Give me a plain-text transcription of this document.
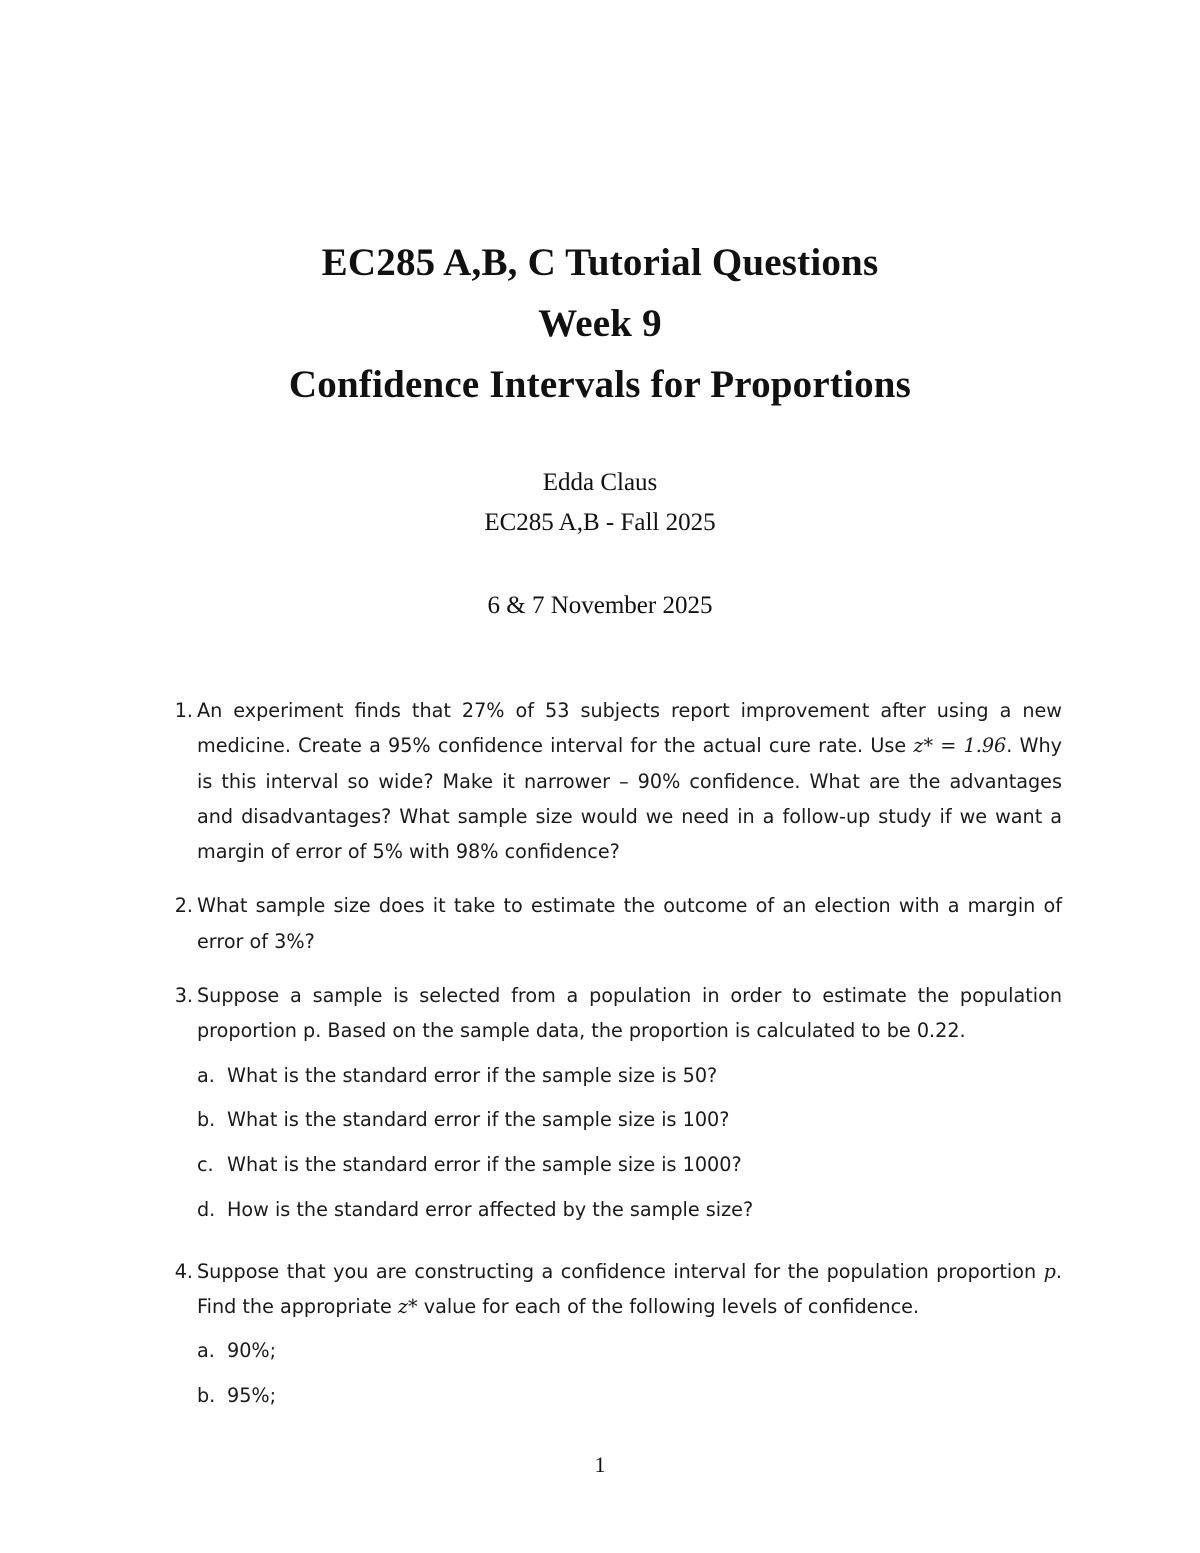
EC285 A,B, C Tutorial Questions
Week 9
Confidence Intervals for Proportions
Edda Claus
EC285 A,B - Fall 2025
6 & 7 November 2025
1. An experiment finds that 27% of 53 subjects report improvement after using a new medicine. Create a 95% confidence interval for the actual cure rate. Use z* = 1.96. Why is this interval so wide? Make it narrower – 90% confidence. What are the advantages and disadvantages? What sample size would we need in a follow-up study if we want a margin of error of 5% with 98% confidence?
2. What sample size does it take to estimate the outcome of an election with a margin of error of 3%?
3. Suppose a sample is selected from a population in order to estimate the population proportion p. Based on the sample data, the proportion is calculated to be 0.22.
a. What is the standard error if the sample size is 50?
b. What is the standard error if the sample size is 100?
c. What is the standard error if the sample size is 1000?
d. How is the standard error affected by the sample size?
4. Suppose that you are constructing a confidence interval for the population proportion p. Find the appropriate z* value for each of the following levels of confidence.
a. 90%;
b. 95%;
1
